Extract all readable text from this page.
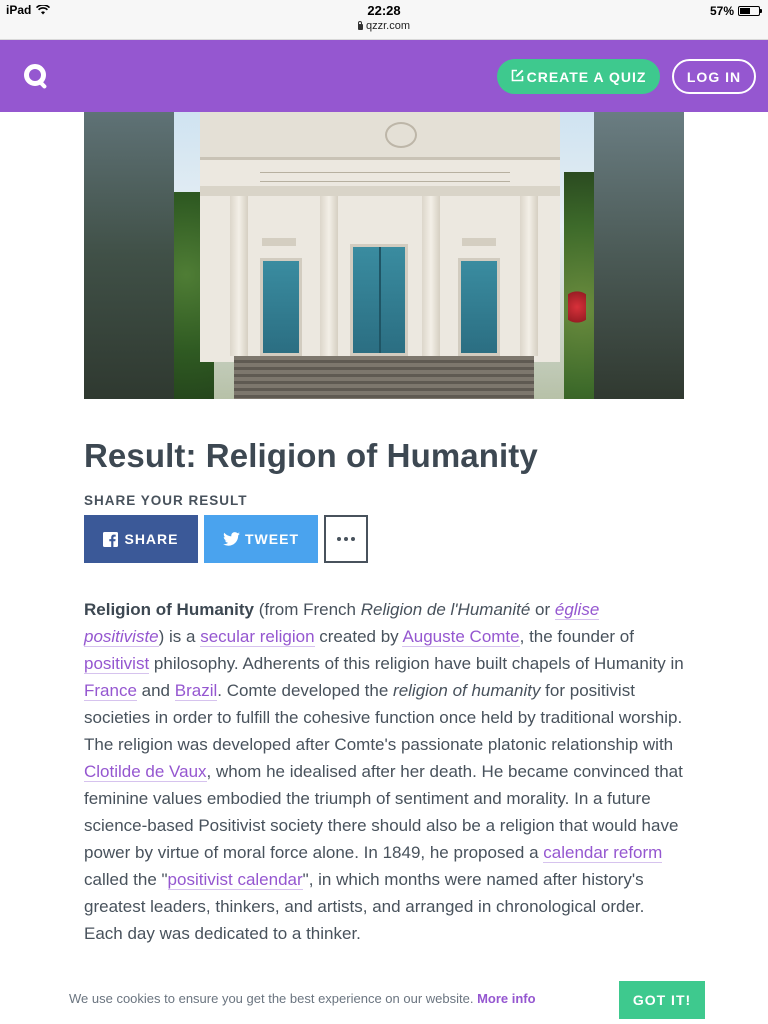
iPad	22:28
qzzr.com
57%
CREATE A QUIZ	LOG IN
Result: Religion of Humanity
SHARE YOUR RESULT
SHARE	TWEET

Religion of Humanity (from French Religion de l'Humanité or église positiviste) is a secular religion created by Auguste Comte, the founder of positivist philosophy. Adherents of this religion have built chapels of Humanity in France and Brazil. Comte developed the religion of humanity for positivist societies in order to fulfill the cohesive function once held by traditional worship. The religion was developed after Comte's passionate platonic relationship with Clotilde de Vaux, whom he idealised after her death. He became convinced that feminine values embodied the triumph of sentiment and morality. In a future science-based Positivist society there should also be a religion that would have power by virtue of moral force alone. In 1849, he proposed a calendar reform called the "positivist calendar", in which months were named after history's greatest leaders, thinkers, and artists, and arranged in chronological order. Each day was dedicated to a thinker.

We use cookies to ensure you get the best experience on our website. More info	GOT IT!
